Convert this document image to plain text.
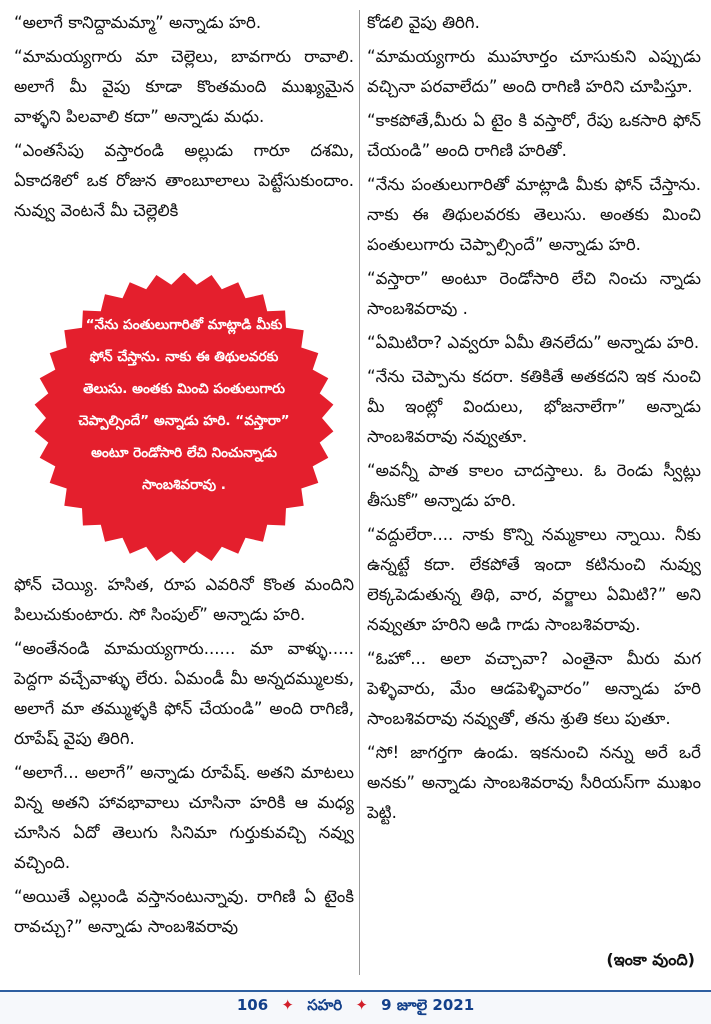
“అలాగే కానిద్దామమ్మా” అన్నాడు హరి.

“మామయ్యగారు మా చెల్లెలు, బావగారు రావాలి. అలాగే మీ వైపు కూడా కొంతమంది ముఖ్యమైన వాళ్ళని పిలవాలి కదా” అన్నాడు మధు.

“ఎంతసేపు వస్తారండి అల్లుడు గారూ దశమి, ఏకాదశిలో ఒక రోజున తాంబూలాలు పెట్టేసుకుందాం. నువ్వు వెంటనే మీ చెల్లెలికి

“నేను పంతులుగారితో మాట్లాడి మీకు ఫోన్ చేస్తాను. నాకు ఈ తిథులవరకు తెలుసు. అంతకు మించి పంతులుగారు చెప్పాల్సిందే” అన్నాడు హరి. “వస్తారా” అంటూ రెండోసారి లేచి నించున్నాడు సాంబశివరావు .

ఫోన్ చెయ్యి. హసిత, రూప ఎవరినో కొంత మందిని పిలుచుకుంటారు. సో సింపుల్” అన్నాడు హరి.

“అంతేనండి మామయ్యగారు...... మా వాళ్ళు..... పెద్దగా వచ్చేవాళ్ళు లేరు. ఏమండీ మీ అన్నదమ్ములకు, అలాగే మా తమ్ముళ్ళకి ఫోన్ చేయండి” అంది రాగిణి, రూపేష్ వైపు తిరిగి.

“అలాగే... అలాగే” అన్నాడు రూపేష్. అతని మాటలు విన్న అతని హావభావాలు చూసినా హరికి ఆ మధ్య చూసిన ఏదో తెలుగు సినిమా గుర్తుకువచ్చి నవ్వు వచ్చింది.

“అయితే ఎల్లుండి వస్తానంటున్నావు. రాగిణి ఏ టైంకి రావచ్చు?” అన్నాడు సాంబశివరావు

కోడలి వైపు తిరిగి.

“మామయ్యగారు ముహూర్తం చూసుకుని ఎప్పుడు వచ్చినా పరవాలేదు” అంది రాగిణి హరిని చూపిస్తూ.

“కాకపోతే,మీరు ఏ టైం కి వస్తారో, రేపు ఒకసారి ఫోన్ చేయండి” అంది రాగిణి హరితో.

“నేను పంతులుగారితో మాట్లాడి మీకు ఫోన్ చేస్తాను. నాకు ఈ తిథులవరకు తెలుసు. అంతకు మించి పంతులుగారు చెప్పాల్సిందే” అన్నాడు హరి.

“వస్తారా” అంటూ రెండోసారి లేచి నించు న్నాడు సాంబశివరావు .

“ఏమిటిరా? ఎవ్వరూ ఏమీ తినలేదు” అన్నాడు హరి.

“నేను చెప్పాను కదరా. కతికితే అతకదని ఇక నుంచి మీ ఇంట్లో విందులు, భోజనాలేగా” అన్నాడు సాంబశివరావు నవ్వుతూ.

“అవన్నీ పాత కాలం చాదస్తాలు. ఓ రెండు స్వీట్లు తీసుకో” అన్నాడు హరి.

“వద్దులేరా.... నాకు కొన్ని నమ్మకాలు న్నాయి. నీకు ఉన్నట్టే కదా. లేకపోతే ఇందా కటినుంచి నువ్వు లెక్కపెడుతున్న తిథి, వార, వర్జాలు ఏమిటి?” అని నవ్వుతూ హరిని అడి గాడు సాంబశివరావు.

“ఓహో... అలా వచ్చావా? ఎంతైనా మీరు మగ పెళ్ళివారు, మేం ఆడపెళ్ళివారం” అన్నాడు హరి సాంబశివరావు నవ్వుతో, తను శ్రుతి కలు పుతూ.

“సో! జాగర్తగా ఉండు. ఇకనుంచి నన్ను అరే ఒరే అనకు” అన్నాడు సాంబశివరావు సీరియస్‌గా ముఖం పెట్టి.

(ఇంకా వుంది)
106 ✦ సహరి ✦ 9 జూలై 2021
